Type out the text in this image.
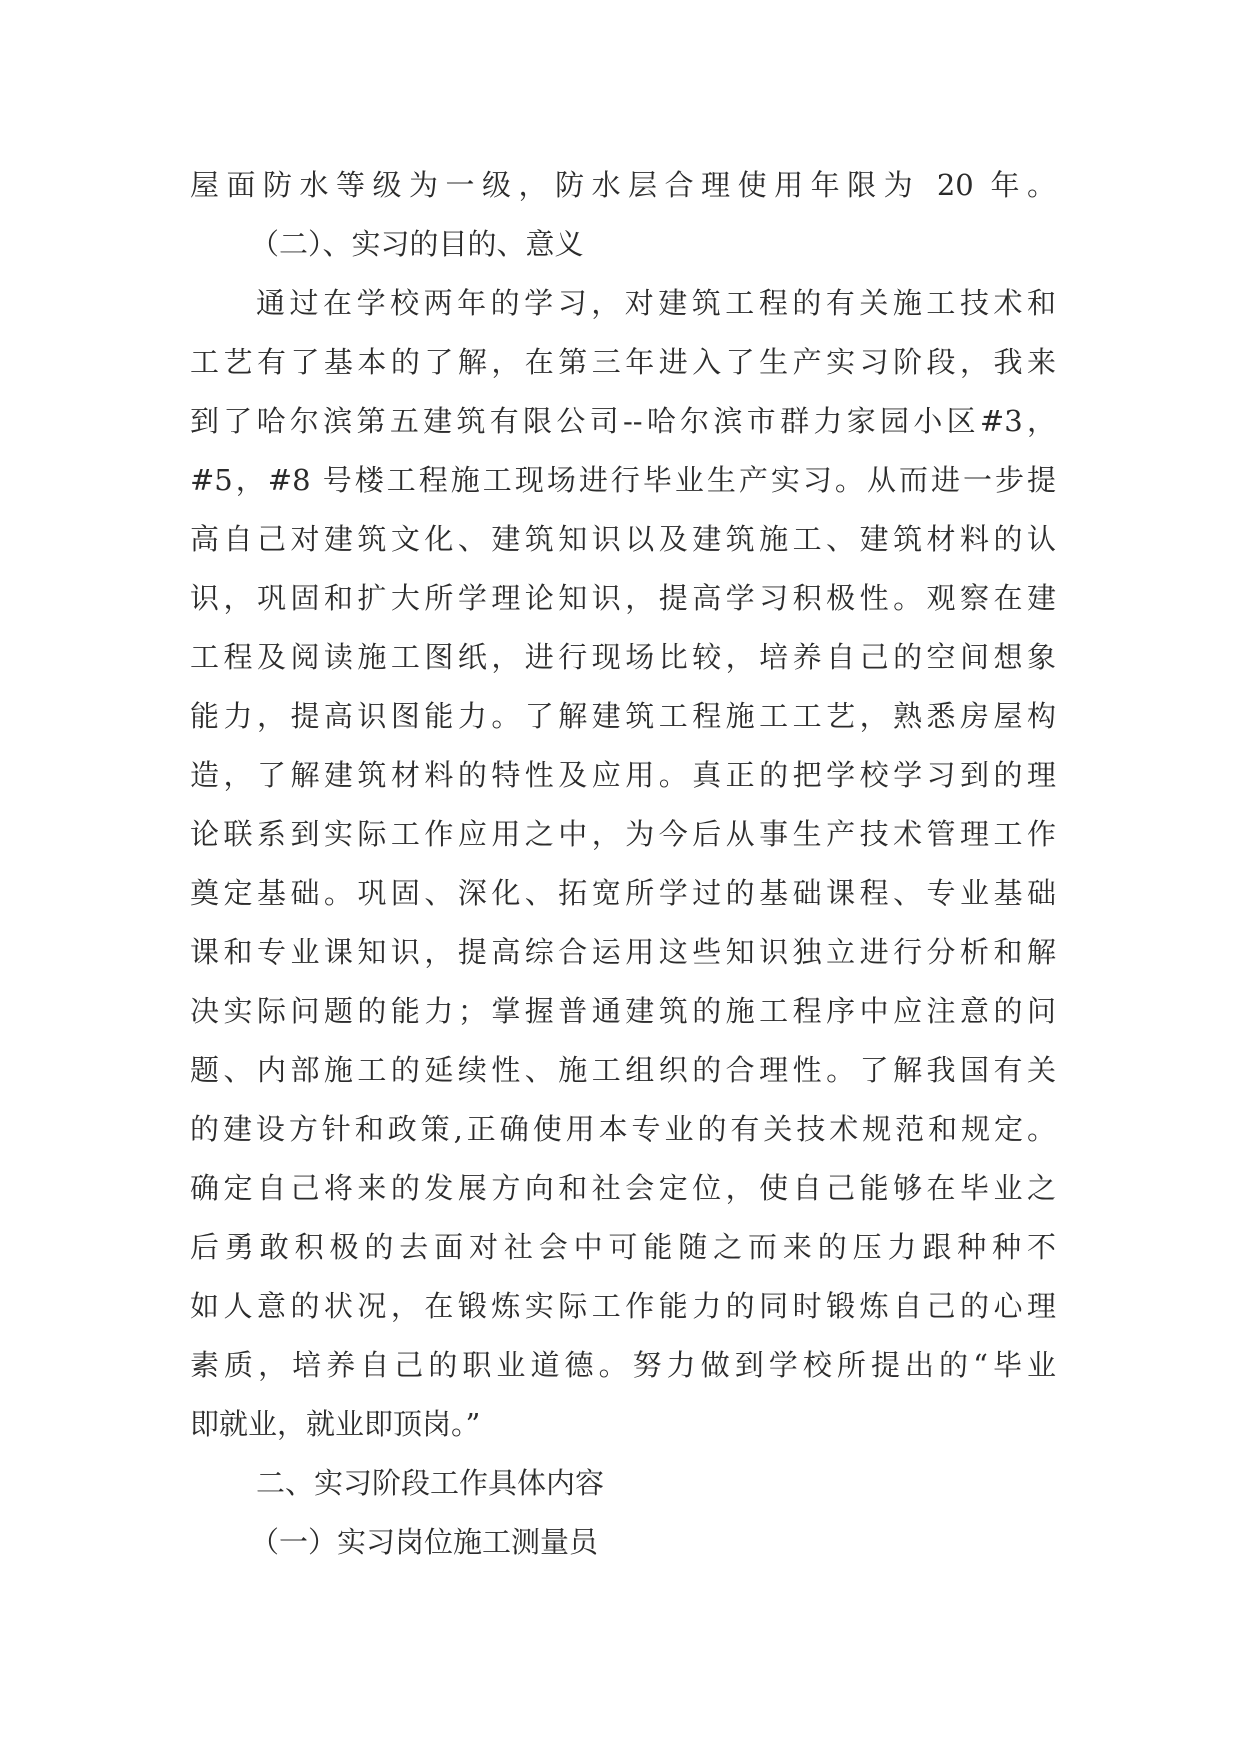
屋面防水等级为一级，防水层合理使用年限为 20 年。
（二）、实习的目的、意义
通过在学校两年的学习，对建筑工程的有关施工技术和
工艺有了基本的了解，在第三年进入了生产实习阶段，我来
到了哈尔滨第五建筑有限公司--哈尔滨市群力家园小区#3，
#5，#8 号楼工程施工现场进行毕业生产实习。从而进一步提
高自己对建筑文化、建筑知识以及建筑施工、建筑材料的认
识，巩固和扩大所学理论知识，提高学习积极性。观察在建
工程及阅读施工图纸，进行现场比较，培养自己的空间想象
能力，提高识图能力。了解建筑工程施工工艺，熟悉房屋构
造，了解建筑材料的特性及应用。真正的把学校学习到的理
论联系到实际工作应用之中，为今后从事生产技术管理工作
奠定基础。巩固、深化、拓宽所学过的基础课程、专业基础
课和专业课知识，提高综合运用这些知识独立进行分析和解
决实际问题的能力；掌握普通建筑的施工程序中应注意的问
题、内部施工的延续性、施工组织的合理性。了解我国有关
的建设方针和政策,正确使用本专业的有关技术规范和规定。
确定自己将来的发展方向和社会定位，使自己能够在毕业之
后勇敢积极的去面对社会中可能随之而来的压力跟种种不
如人意的状况，在锻炼实际工作能力的同时锻炼自己的心理
素质，培养自己的职业道德。努力做到学校所提出的“毕业
即就业，就业即顶岗。”
二、实习阶段工作具体内容
（一）实习岗位施工测量员
